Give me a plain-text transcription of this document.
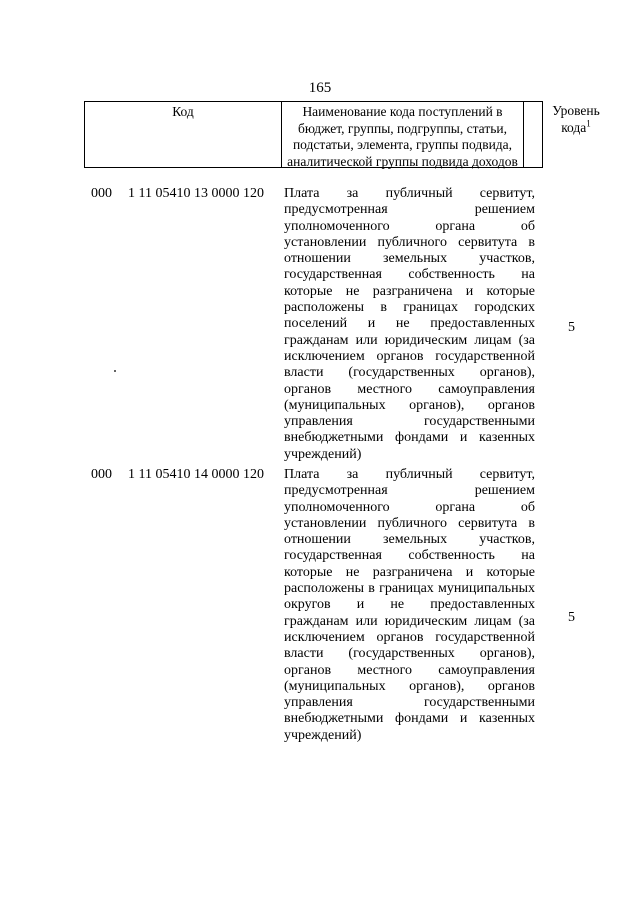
165
Код	Наименование кода поступлений в бюджет, группы, подгруппы, статьи, подстатьи, элемента, группы подвида, аналитической группы подвида доходов
Уровень кода$^1$
000 1 11 05410 13 0000 120 Плата за публичный сервитут, предусмотренная решением уполномоченного органа об установлении публичного сервитута в отношении земельных участков, государственная собственность на которые не разграничена и которые расположены в границах городских поселений и не предоставленных гражданам или юридическим лицам (за исключением органов государственной власти (государственных органов), органов местного самоуправления (муниципальных органов), органов управления государственными внебюджетными фондами и казенных учреждений)
5
000 1 11 05410 14 0000 120 Плата за публичный сервитут, предусмотренная решением уполномоченного органа об установлении публичного сервитута в отношении земельных участков, государственная собственность на которые не разграничена и которые расположены в границах муниципальных округов и не предоставленных гражданам или юридическим лицам (за исключением органов государственной власти (государственных органов), органов местного самоуправления (муниципальных органов), органов управления государственными внебюджетными фондами и казенных учреждений)
5
